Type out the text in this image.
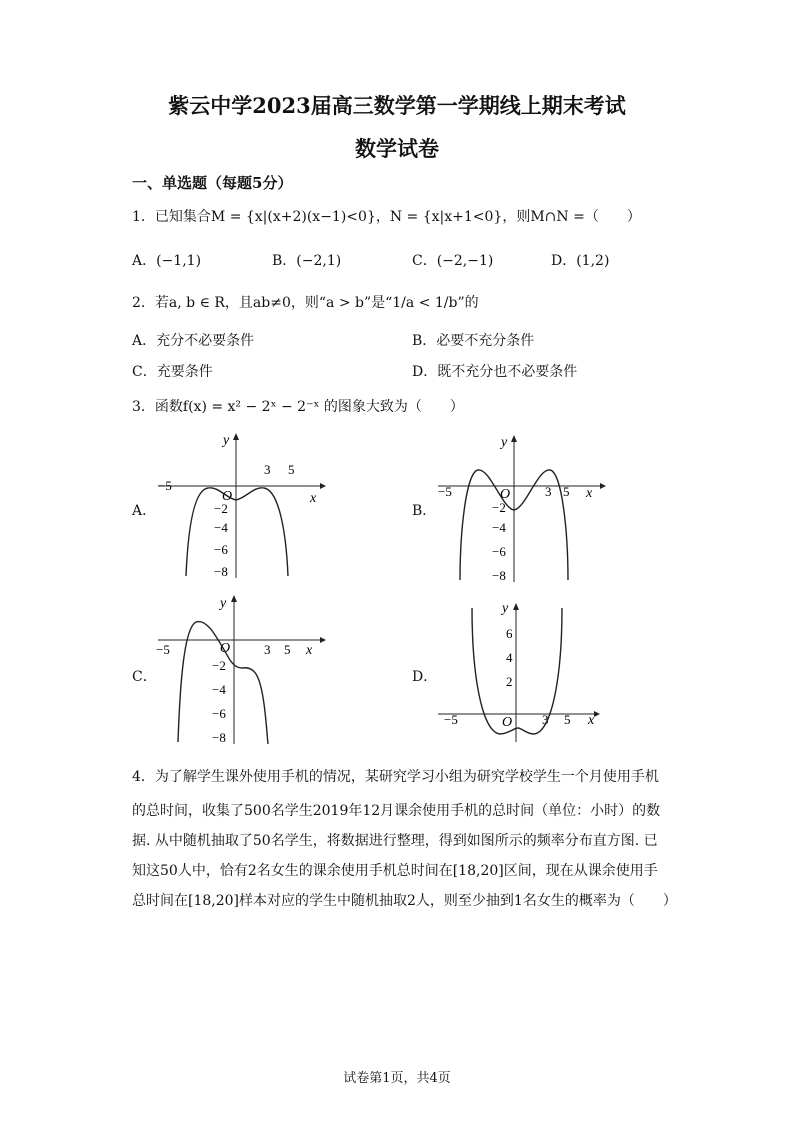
紫云中学2023届高三数学第一学期线上期末考试
数学试卷
一、单选题（每题5分）
1．已知集合M = {x|(x+2)(x−1)<0}，N = {x|x+1<0}，则M∩N =（　　）
A．(−1,1)	B．(−2,1)	C．(−2,−1)	D．(1,2)
2．若a, b ∈ R，且ab≠0，则“a > b”是“1/a < 1/b”的
A．充分不必要条件	B．必要不充分条件
C．充要条件	D．既不充分也不必要条件
3．函数f(x) = x² − 2ˣ − 2⁻ˣ 的图象大致为（　　）
A．
y
x
O
−5
3 5
−2
−4
−6
−8
B．
y
x
O
−5	3 5
−2
−4
−6
−8
C．
y
x
O
−5	3 5
−2
−4
−6
−8
D．
y
x
O
−5	3 5
6
4
2
4．为了解学生课外使用手机的情况，某研究学习小组为研究学校学生一个月使用手机
的总时间，收集了500名学生2019年12月课余使用手机的总时间（单位：小时）的数
据. 从中随机抽取了50名学生，将数据进行整理，得到如图所示的频率分布直方图. 已
知这50人中，恰有2名女生的课余使用手机总时间在[18,20]区间，现在从课余使用手
总时间在[18,20]样本对应的学生中随机抽取2人，则至少抽到1名女生的概率为（　　）
试卷第1页，共4页
